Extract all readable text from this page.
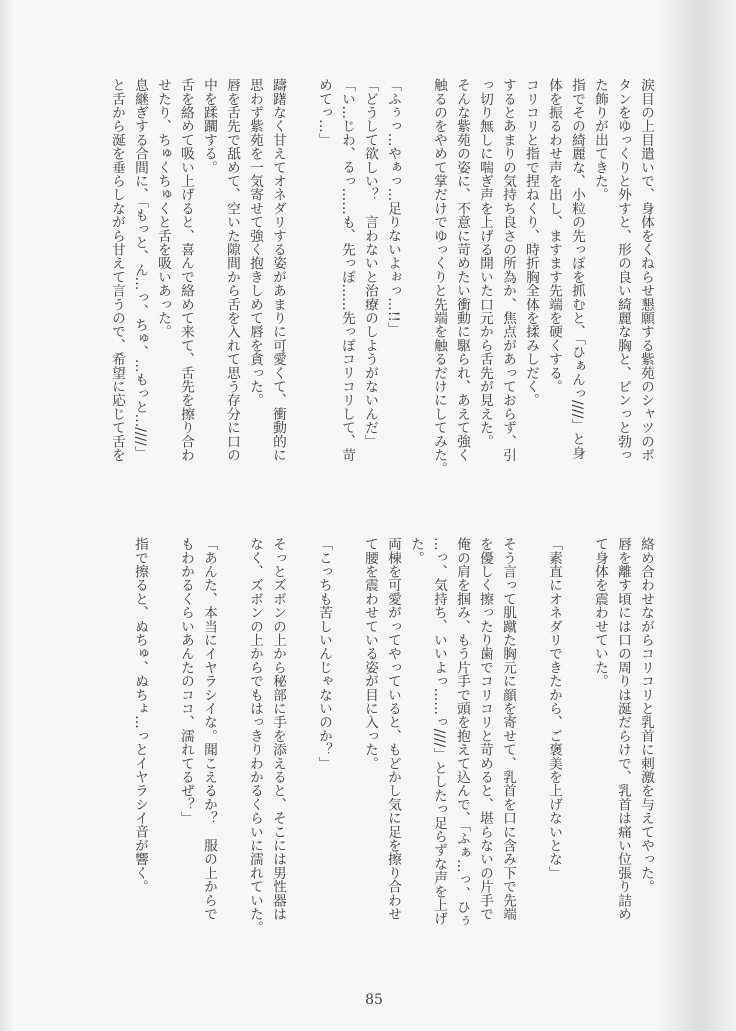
涙目の上目遣いで、身体をくねらせ懇願する紫苑のシャツのボ
タンをゆっくりと外すと、形の良い綺麗な胸と、ピンっと勃っ
た飾りが出てきた。
指でその綺麗な、小粒の先っぽを抓むと、「ひぁんっ////」と身
体を振るわせ声を出し、ますます先端を硬くする。
コリコリと指で捏ねくり、時折胸全体を揉みしだく。
するとあまりの気持ち良さの所為か、焦点があっておらず、引
っ切り無しに喘ぎ声を上げる開いた口元から舌先が見えた。
そんな紫苑の姿に、不意に苛めたい衝動に駆られ、あえて強く
触るのをやめて掌だけでゆっくりと先端を触るだけにしてみた。
「ふぅっ…やぁっ…足りないよぉっ…!!」
「どうして欲しい？　言わないと治療のしようがないんだ」
「い…じわ、るっ……も、先っぽ……先っぽコリコリして、苛
めてっ…」
躊躇なく甘えてオネダリする姿があまりに可愛くて、衝動的に
思わず紫苑を一気寄せて強く抱きしめて唇を貪った。
唇を舌先で舐めて、空いた隙間から舌を入れて思う存分に口の
中を蹂躙する。
舌を絡めて吸い上げると、喜んで絡めて来て、舌先を擦り合わ
せたり、ちゅくちゅくと舌を吸いあった。
息継ぎする合間に、「もっと、ん…っ、ちゅ、…もっと…////」
と舌から涎を垂らしながら甘えて言うので、希望に応じて舌を
絡め合わせながらコリコリと乳首に刺激を与えてやった。
唇を離す頃には口の周りは涎だらけで、乳首は痛い位張り詰め
て身体を震わせていた。
「素直にオネダリできたから、ご褒美を上げないとな」
そう言って肌蹴た胸元に顔を寄せて、乳首を口に含み下で先端
を優しく擦ったり歯でコリコリと苛めると、堪らないの片手で
俺の肩を掴み、もう片手で頭を抱えて込んで、「ふぁ…っ、ひぅ
…っ、気持ち、いいよっ……っ////」としたっ足らずな声を上げ
た。
両棟を可愛がってやっていると、もどかし気に足を擦り合わせ
て腰を震わせている姿が目に入った。
「こっちも苦しいんじゃないのか？」
そっとズボンの上から秘部に手を添えると、そこには男性器は
なく、ズボンの上からでもはっきりわかるくらいに濡れていた。
「あんた、本当にイヤラシイな。聞こえるか？　服の上からで
もわかるくらいあんたのココ、濡れてるぜ？」
指で擦ると、ぬちゅ、ぬちょ…っとイヤラシイ音が響く。
85
